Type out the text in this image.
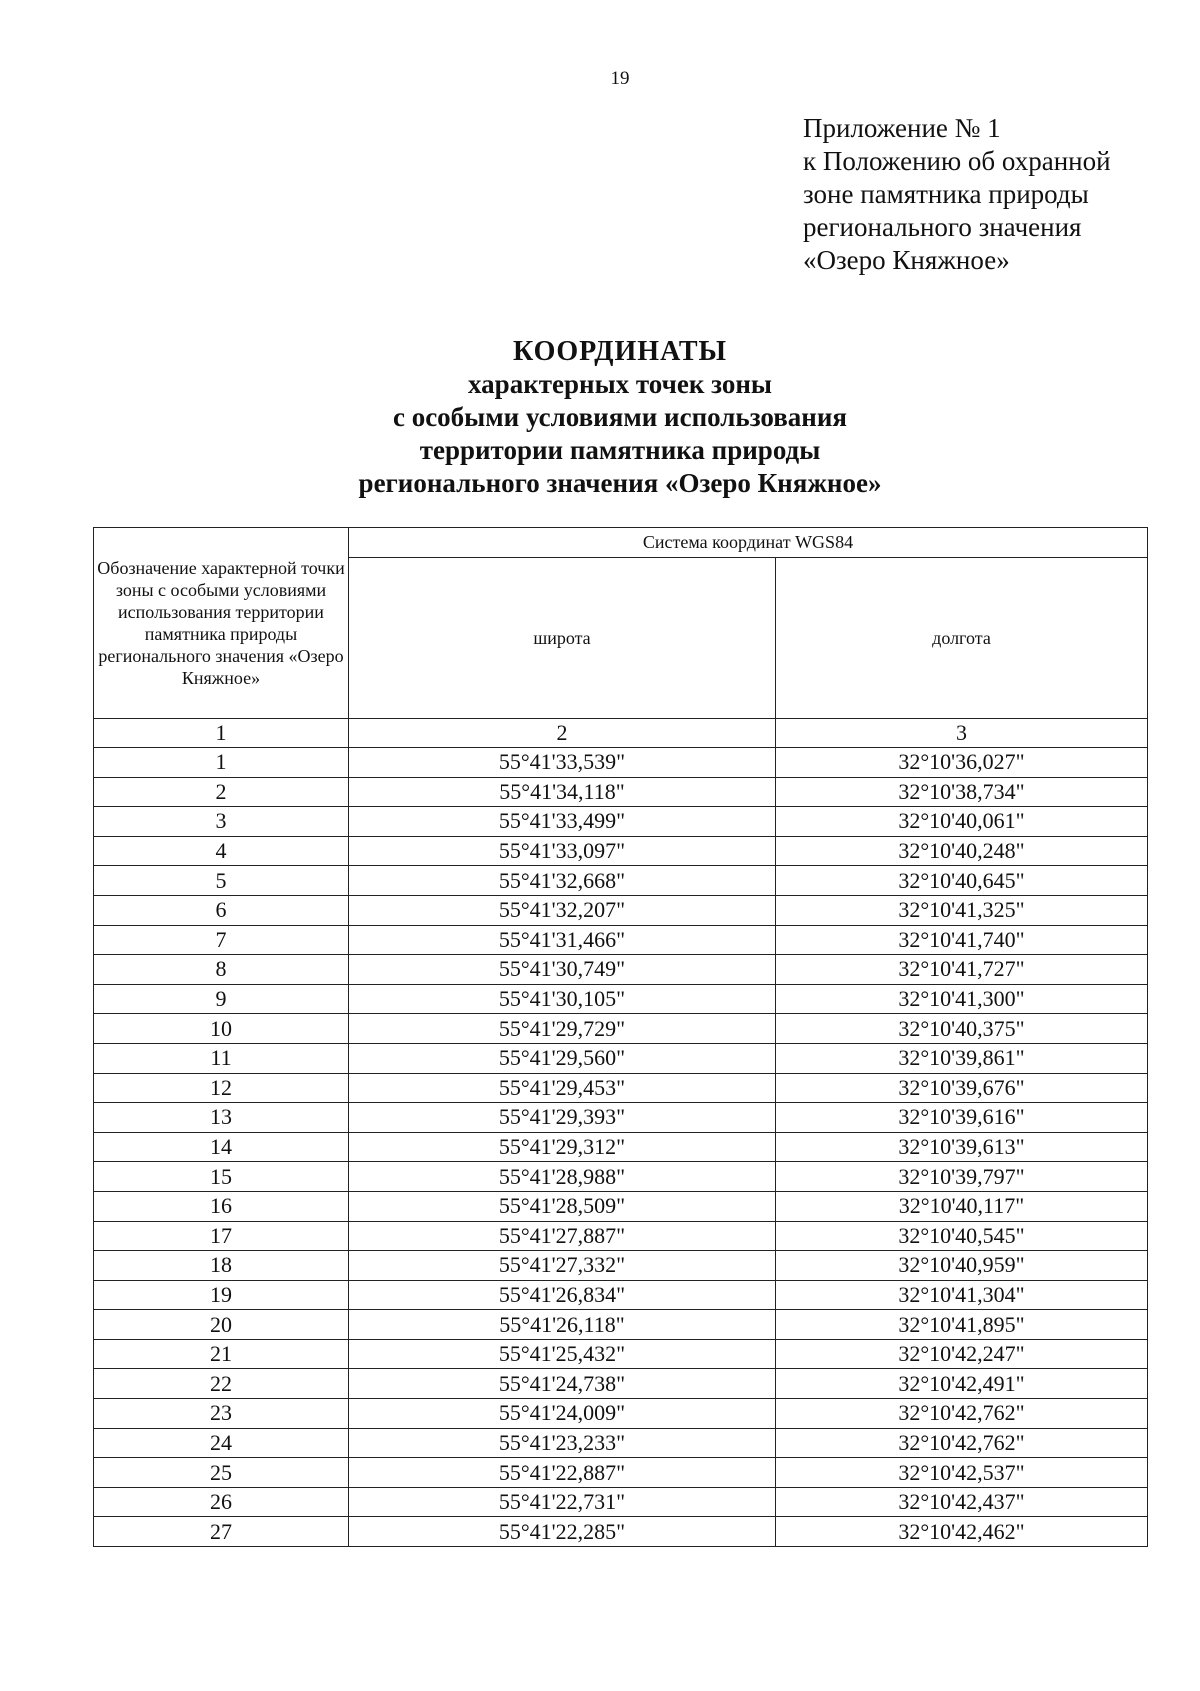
19
Приложение № 1
к Положению об охранной
зоне памятника природы
регионального значения
«Озеро Княжное»
КООРДИНАТЫ
характерных точек зоны
с особыми условиями использования
территории памятника природы
регионального значения «Озеро Княжное»
Обозначение характерной точки зоны с особыми условиями использования территории памятника природы регионального значения «Озеро Княжное»	Система координат WGS84	
	широта	долгота
1	2	3
1	55°41'33,539"	32°10'36,027"
2	55°41'34,118"	32°10'38,734"
3	55°41'33,499"	32°10'40,061"
4	55°41'33,097"	32°10'40,248"
5	55°41'32,668"	32°10'40,645"
6	55°41'32,207"	32°10'41,325"
7	55°41'31,466"	32°10'41,740"
8	55°41'30,749"	32°10'41,727"
9	55°41'30,105"	32°10'41,300"
10	55°41'29,729"	32°10'40,375"
11	55°41'29,560"	32°10'39,861"
12	55°41'29,453"	32°10'39,676"
13	55°41'29,393"	32°10'39,616"
14	55°41'29,312"	32°10'39,613"
15	55°41'28,988"	32°10'39,797"
16	55°41'28,509"	32°10'40,117"
17	55°41'27,887"	32°10'40,545"
18	55°41'27,332"	32°10'40,959"
19	55°41'26,834"	32°10'41,304"
20	55°41'26,118"	32°10'41,895"
21	55°41'25,432"	32°10'42,247"
22	55°41'24,738"	32°10'42,491"
23	55°41'24,009"	32°10'42,762"
24	55°41'23,233"	32°10'42,762"
25	55°41'22,887"	32°10'42,537"
26	55°41'22,731"	32°10'42,437"
27	55°41'22,285"	32°10'42,462"
